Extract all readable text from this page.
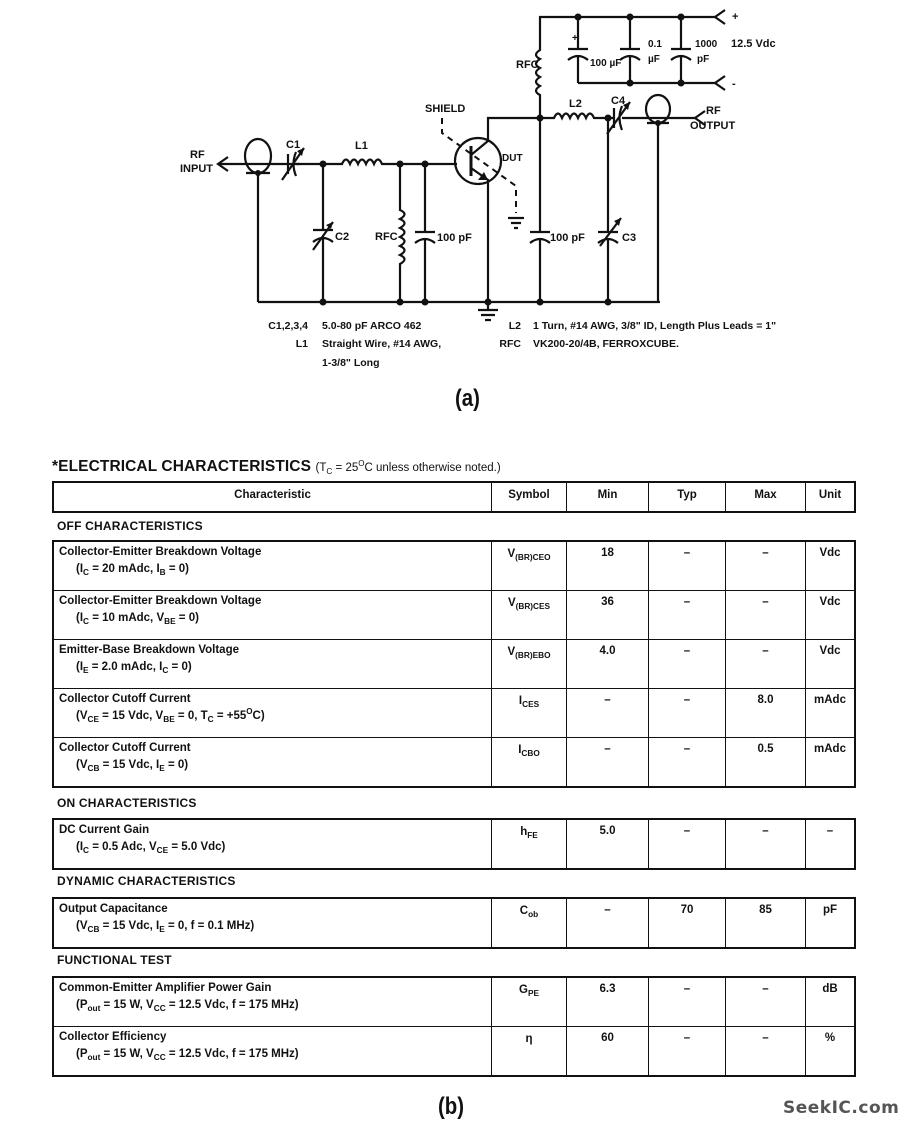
RF
INPUT
C1	L1
C2 RFC	100 pF
SHIELD
DUT
RFC
+
100 µF
0.1
µF
1000
pF
+
-
12.5 Vdc
L2	C4
RF
OUTPUT
100 pF	C3
C1,2,3,4 5.0-80 pF ARCO 462
L1 Straight Wire, #14 AWG,
1-3/8" Long
L2 1 Turn, #14 AWG, 3/8" ID, Length Plus Leads = 1"
RFC VK200-20/4B, FERROXCUBE.
(a)
*ELECTRICAL CHARACTERISTICS ($T_C = 25^OC$ unless otherwise noted.)
Characteristic	Symbol	Min	Typ	Max	Unit
OFF CHARACTERISTICS
Collector-Emitter Breakdown Voltage
($I_C = 20$ mAdc, $I_B = 0$)
$V_{(BR)CEO}$	18	–	–	Vdc
Collector-Emitter Breakdown Voltage
($I_C = 10$ mAdc, $V_{BE} = 0$)
$V_{(BR)CES}$	36	–	–	Vdc
Emitter-Base Breakdown Voltage
($I_E = 2.0$ mAdc, $I_C = 0$)
$V_{(BR)EBO}$	4.0	–	–	Vdc
Collector Cutoff Current
($V_{CE} = 15$ Vdc, $V_{BE} = 0$, $T_C = +55^OC$)
$I_{CES}$	–	–	8.0	mAdc
Collector Cutoff Current
($V_{CB} = 15$ Vdc, $I_E = 0$)
$I_{CBO}$	–	–	0.5	mAdc
ON CHARACTERISTICS
DC Current Gain
($I_C = 0.5$ Adc, $V_{CE} = 5.0$ Vdc)
$h_{FE}$	5.0	–	–	–
DYNAMIC CHARACTERISTICS
Output Capacitance
($V_{CB} = 15$ Vdc, $I_E = 0$, f = 0.1 MHz)
$C_{ob}$	–	70	85	pF
FUNCTIONAL TEST
Common-Emitter Amplifier Power Gain
($P_{out} = 15$ W, $V_{CC} = 12.5$ Vdc, f = 175 MHz)
$G_{PE}$	6.3	–	–	dB
Collector Efficiency
($P_{out} = 15$ W, $V_{CC} = 12.5$ Vdc, f = 175 MHz)
η	60	–	–	%
(b)	SeekIC.com
